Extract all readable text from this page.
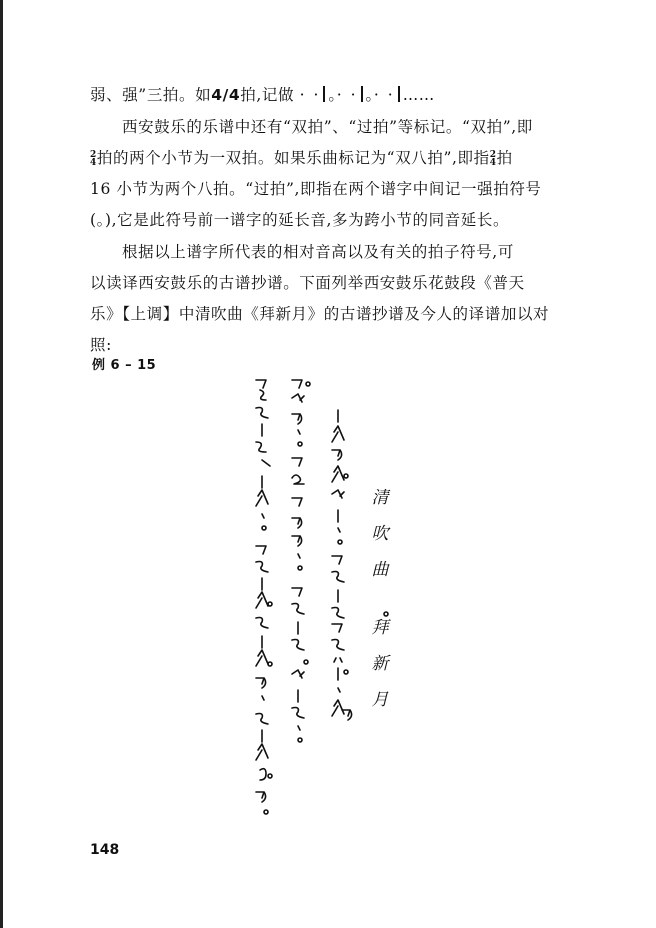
弱、强”三拍。如4/4拍,记做 · · 。· · 。· · ……
西安鼓乐的乐谱中还有“双拍”、“过拍”等标记。“双拍”,即
2
4拍的两个小节为一双拍。如果乐曲标记为“双八拍”,即指2
4拍
16 小节为两个八拍。“过拍”,即指在两个谱字中间记一强拍符号
(。),它是此符号前一谱字的延长音,多为跨小节的同音延长。
根据以上谱字所代表的相对音高以及有关的拍子符号,可
以读译西安鼓乐的古谱抄谱。下面列举西安鼓乐花鼓段《普天
乐》【上调】中清吹曲《拜新月》的古谱抄谱及今人的译谱加以对
照:
例 6 – 15
清
吹
曲
拜
新
月
148
